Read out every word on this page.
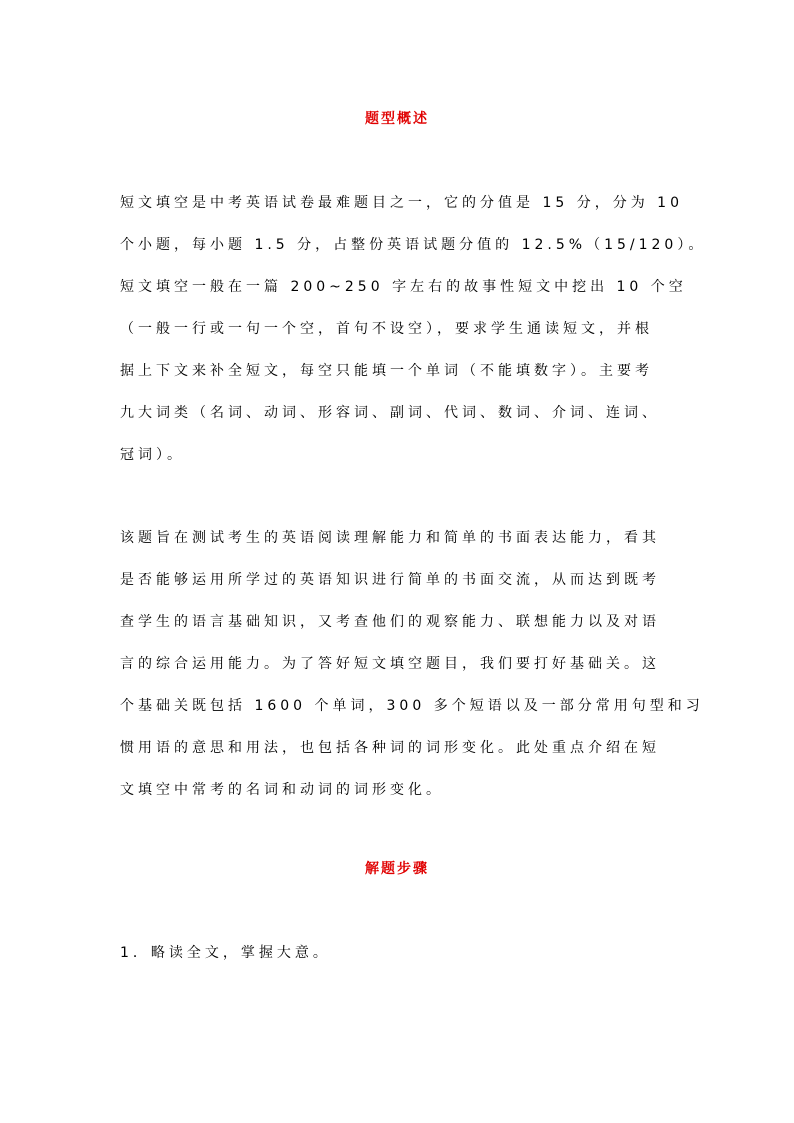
题型概述
短文填空是中考英语试卷最难题目之一，它的分值是 15 分，分为 10
个小题，每小题 1.5 分，占整份英语试题分值的 12.5%（15/120）。
短文填空一般在一篇 200~250 字左右的故事性短文中挖出 10 个空
（一般一行或一句一个空，首句不设空），要求学生通读短文，并根
据上下文来补全短文，每空只能填一个单词（不能填数字）。主要考
九大词类（名词、动词、形容词、副词、代词、数词、介词、连词、
冠词）。
该题旨在测试考生的英语阅读理解能力和简单的书面表达能力，看其
是否能够运用所学过的英语知识进行简单的书面交流，从而达到既考
查学生的语言基础知识，又考查他们的观察能力、联想能力以及对语
言的综合运用能力。为了答好短文填空题目，我们要打好基础关。这
个基础关既包括 1600 个单词，300 多个短语以及一部分常用句型和习
惯用语的意思和用法，也包括各种词的词形变化。此处重点介绍在短
文填空中常考的名词和动词的词形变化。
解题步骤
1．略读全文，掌握大意。
